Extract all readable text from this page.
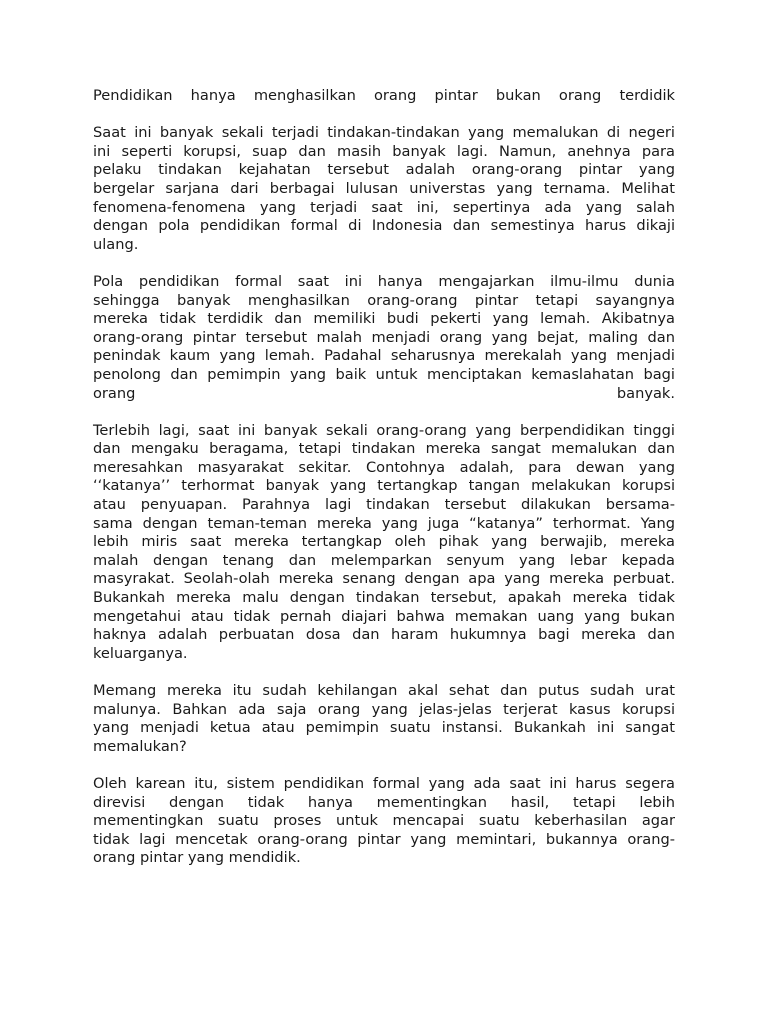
Pendidikan hanya menghasilkan orang pintar bukan orang terdidik
Saat ini banyak sekali terjadi tindakan-tindakan yang memalukan di negeri
ini seperti korupsi, suap dan masih banyak lagi. Namun, anehnya para
pelaku tindakan kejahatan tersebut adalah orang-orang pintar yang
bergelar sarjana dari berbagai lulusan universtas yang ternama. Melihat
fenomena-fenomena yang terjadi saat ini, sepertinya ada yang salah
dengan pola pendidikan formal di Indonesia dan semestinya harus dikaji
ulang.
Pola pendidikan formal saat ini hanya mengajarkan ilmu-ilmu dunia
sehingga banyak menghasilkan orang-orang pintar tetapi sayangnya
mereka tidak terdidik dan memiliki budi pekerti yang lemah. Akibatnya
orang-orang pintar tersebut malah menjadi orang yang bejat, maling dan
penindak kaum yang lemah. Padahal seharusnya merekalah yang menjadi
penolong dan pemimpin yang baik untuk menciptakan kemaslahatan bagi
orang banyak.
Terlebih lagi, saat ini banyak sekali orang-orang yang berpendidikan tinggi
dan mengaku beragama, tetapi tindakan mereka sangat memalukan dan
meresahkan masyarakat sekitar. Contohnya adalah, para dewan yang
‘‘katanya’’ terhormat banyak yang tertangkap tangan melakukan korupsi
atau penyuapan. Parahnya lagi tindakan tersebut dilakukan bersama-
sama dengan teman-teman mereka yang juga “katanya” terhormat. Yang
lebih miris saat mereka tertangkap oleh pihak yang berwajib, mereka
malah dengan tenang dan melemparkan senyum yang lebar kepada
masyrakat. Seolah-olah mereka senang dengan apa yang mereka perbuat.
Bukankah mereka malu dengan tindakan tersebut, apakah mereka tidak
mengetahui atau tidak pernah diajari bahwa memakan uang yang bukan
haknya adalah perbuatan dosa dan haram hukumnya bagi mereka dan
keluarganya.
Memang mereka itu sudah kehilangan akal sehat dan putus sudah urat
malunya. Bahkan ada saja orang yang jelas-jelas terjerat kasus korupsi
yang menjadi ketua atau pemimpin suatu instansi. Bukankah ini sangat
memalukan?
Oleh karean itu, sistem pendidikan formal yang ada saat ini harus segera
direvisi dengan tidak hanya mementingkan hasil, tetapi lebih
mementingkan suatu proses untuk mencapai suatu keberhasilan agar
tidak lagi mencetak orang-orang pintar yang memintari, bukannya orang-
orang pintar yang mendidik.
